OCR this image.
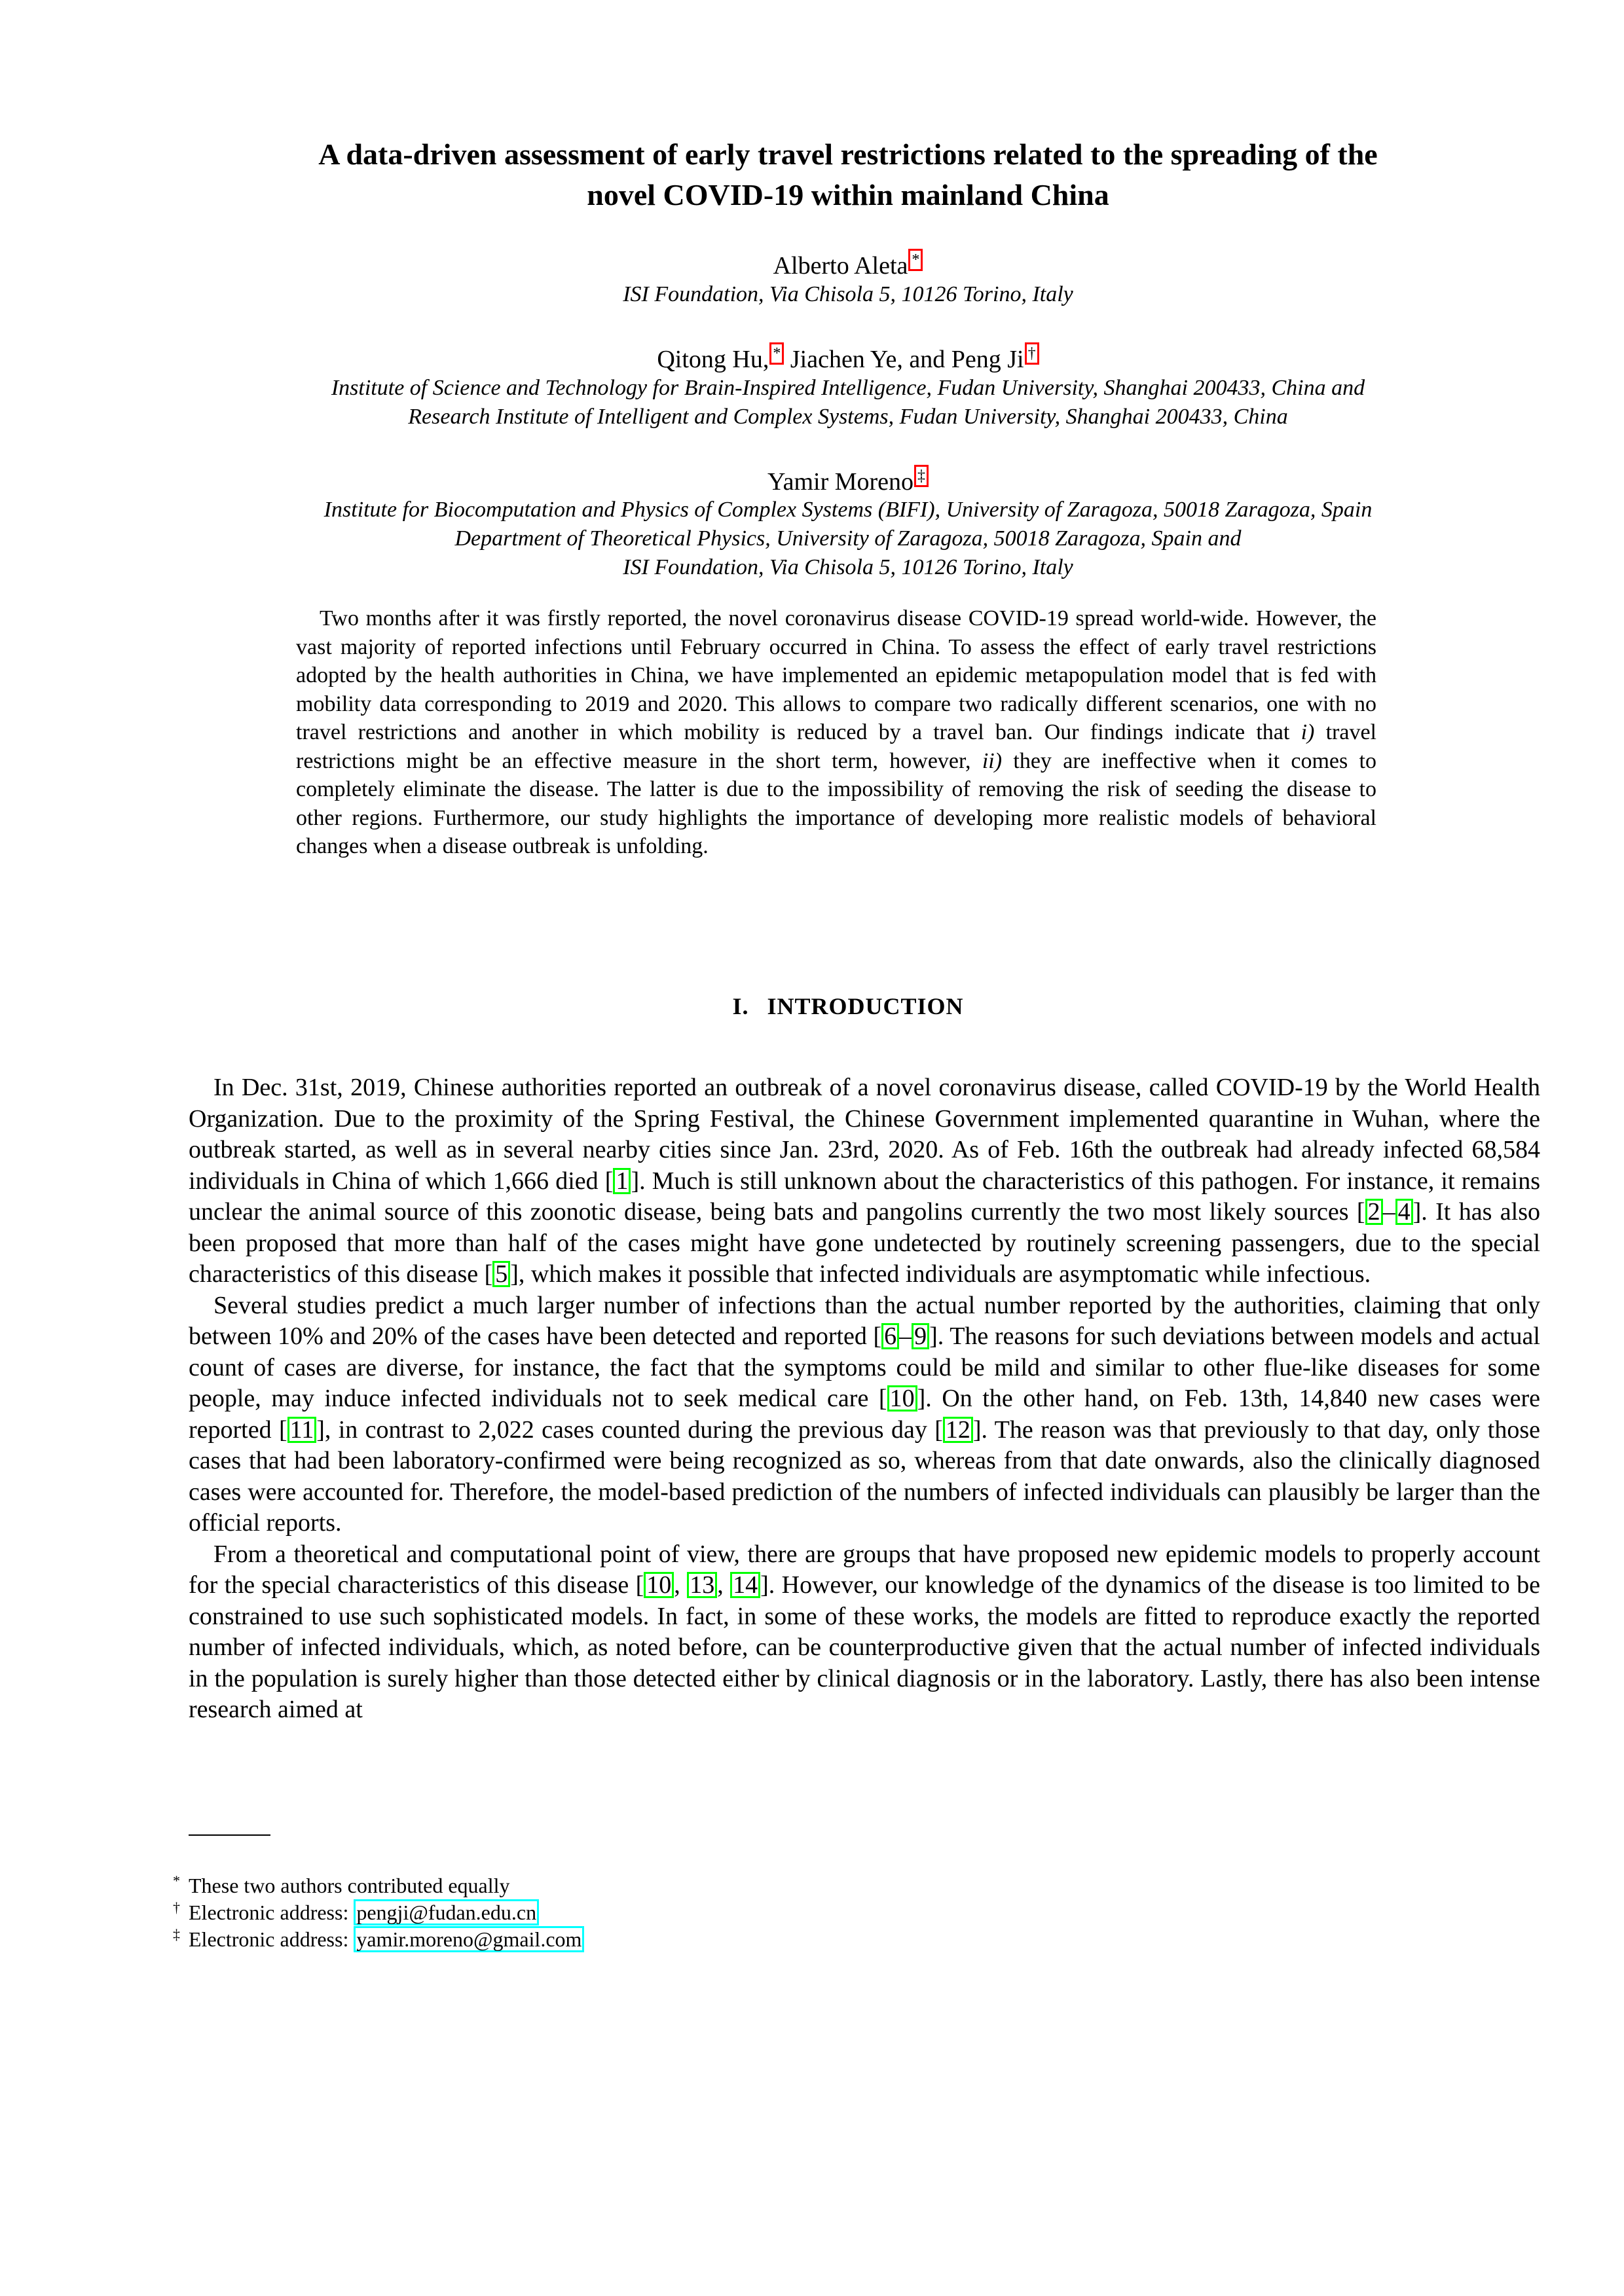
A data-driven assessment of early travel restrictions related to the spreading of the
novel COVID-19 within mainland China
Alberto Aleta *
ISI Foundation, Via Chisola 5, 10126 Torino, Italy
Qitong Hu, * Jiachen Ye, and Peng Ji †
Institute of Science and Technology for Brain-Inspired Intelligence, Fudan University, Shanghai 200433, China and
Research Institute of Intelligent and Complex Systems, Fudan University, Shanghai 200433, China
Yamir Moreno ‡
Institute for Biocomputation and Physics of Complex Systems (BIFI), University of Zaragoza, 50018 Zaragoza, Spain
Department of Theoretical Physics, University of Zaragoza, 50018 Zaragoza, Spain and
ISI Foundation, Via Chisola 5, 10126 Torino, Italy
Two months after it was firstly reported, the novel coronavirus disease COVID-19 spread world-wide. However, the vast majority of reported infections until February occurred in China. To assess the effect of early travel restrictions adopted by the health authorities in China, we have implemented an epidemic metapopulation model that is fed with mobility data corresponding to 2019 and 2020. This allows to compare two radically different scenarios, one with no travel restrictions and another in which mobility is reduced by a travel ban. Our findings indicate that i) travel restrictions might be an effective measure in the short term, however, ii) they are ineffective when it comes to completely eliminate the disease. The latter is due to the impossibility of removing the risk of seeding the disease to other regions. Furthermore, our study highlights the importance of developing more realistic models of behavioral changes when a disease outbreak is unfolding.
I. INTRODUCTION

In Dec. 31st, 2019, Chinese authorities reported an outbreak of a novel coronavirus disease, called COVID-19 by the World Health Organization. Due to the proximity of the Spring Festival, the Chinese Government implemented quarantine in Wuhan, where the outbreak started, as well as in several nearby cities since Jan. 23rd, 2020. As of Feb. 16th the outbreak had already infected 68,584 individuals in China of which 1,666 died [ 1 ]. Much is still unknown about the characteristics of this pathogen. For instance, it remains unclear the animal source of this zoonotic disease, being bats and pangolins currently the two most likely sources [ 2 – 4 ]. It has also been proposed that more than half of the cases might have gone undetected by routinely screening passengers, due to the special characteristics of this disease [ 5 ], which makes it possible that infected individuals are asymptomatic while infectious.

Several studies predict a much larger number of infections than the actual number reported by the authorities, claiming that only between 10% and 20% of the cases have been detected and reported [ 6 – 9 ]. The reasons for such deviations between models and actual count of cases are diverse, for instance, the fact that the symptoms could be mild and similar to other flue-like diseases for some people, may induce infected individuals not to seek medical care [ 10 ]. On the other hand, on Feb. 13th, 14,840 new cases were reported [ 11 ], in contrast to 2,022 cases counted during the previous day [ 12 ]. The reason was that previously to that day, only those cases that had been laboratory-confirmed were being recognized as so, whereas from that date onwards, also the clinically diagnosed cases were accounted for. Therefore, the model-based prediction of the numbers of infected individuals can plausibly be larger than the official reports.

From a theoretical and computational point of view, there are groups that have proposed new epidemic models to properly account for the special characteristics of this disease [ 10 , 13 , 14 ]. However, our knowledge of the dynamics of the disease is too limited to be constrained to use such sophisticated models. In fact, in some of these works, the models are fitted to reproduce exactly the reported number of infected individuals, which, as noted before, can be counterproductive given that the actual number of infected individuals in the population is surely higher than those detected either by clinical diagnosis or in the laboratory. Lastly, there has also been intense research aimed at

* These two authors contributed equally
† Electronic address: pengji@fudan.edu.cn
‡ Electronic address: yamir.moreno@gmail.com
